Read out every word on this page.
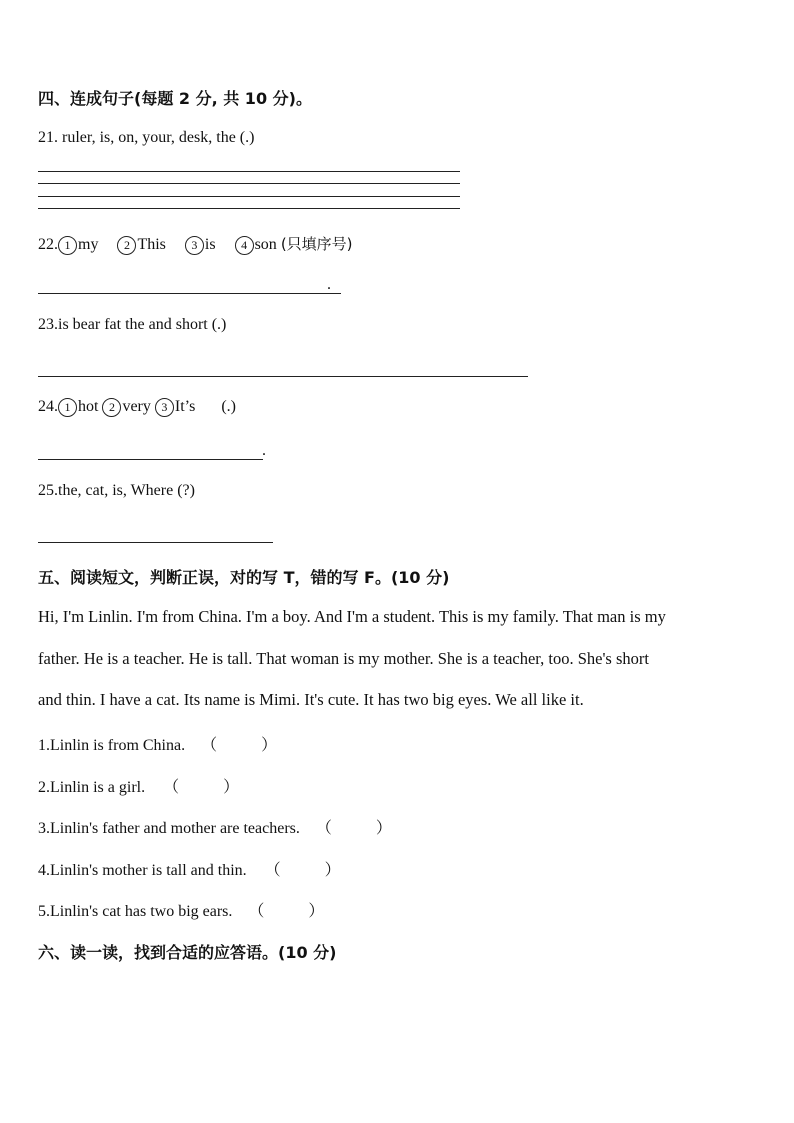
四、连成句子(每题 2 分, 共 10 分)。
21. ruler, is, on, your, desk, the (.)
22. 1 my 2 This 3 is 4 son (只填序号)
.
23.is bear fat the and short (.)
24. 1 hot 2 very 3 It’s (.)
.
25.the, cat, is, Where (?)
五、阅读短文，判断正误，对的写 T，错的写 F。(10 分)
Hi, I'm Linlin. I'm from China. I'm a boy. And I'm a student. This is my family. That man is my
father. He is a teacher. He is tall. That woman is my mother. She is a teacher, too. She's short
and thin. I have a cat. Its name is Mimi. It's cute. It has two big eyes. We all like it.
1.Linlin is from China. （	）
2.Linlin is a girl. （	）
3.Linlin's father and mother are teachers. （	）
4.Linlin's mother is tall and thin. （	）
5.Linlin's cat has two big ears. （	）
六、读一读，找到合适的应答语。(10 分)
